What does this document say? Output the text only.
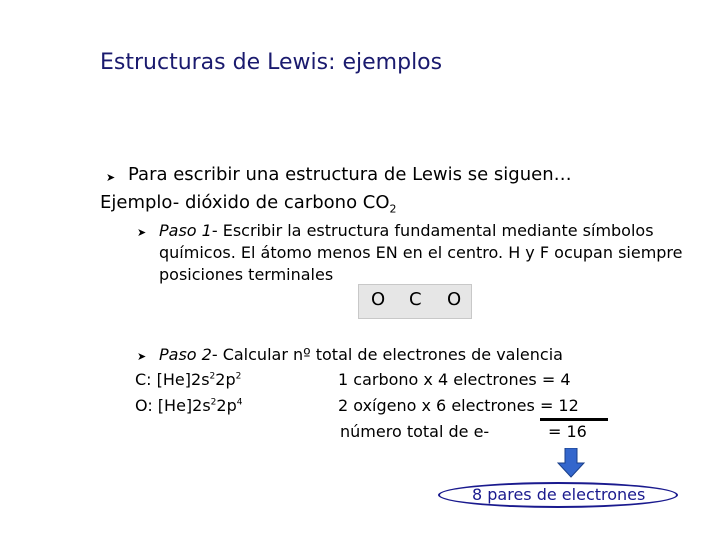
Estructuras de Lewis: ejemplos
➤ Para escribir una estructura de Lewis se siguen…
Ejemplo- dióxido de carbono $CO_2$
➤ Paso 1- Escribir la estructura fundamental mediante símbolos
químicos. El átomo menos EN en el centro. H y F ocupan siempre
posiciones terminales
O C O
➤ Paso 2- Calcular nº total de electrones de valencia
C: $[He]2s^22p^2$	1 carbono x 4 electrones = 4
O: $[He]2s^22p^4$	2 oxígeno x 6 electrones = 12
número total de e-	= 16
8 pares de electrones
